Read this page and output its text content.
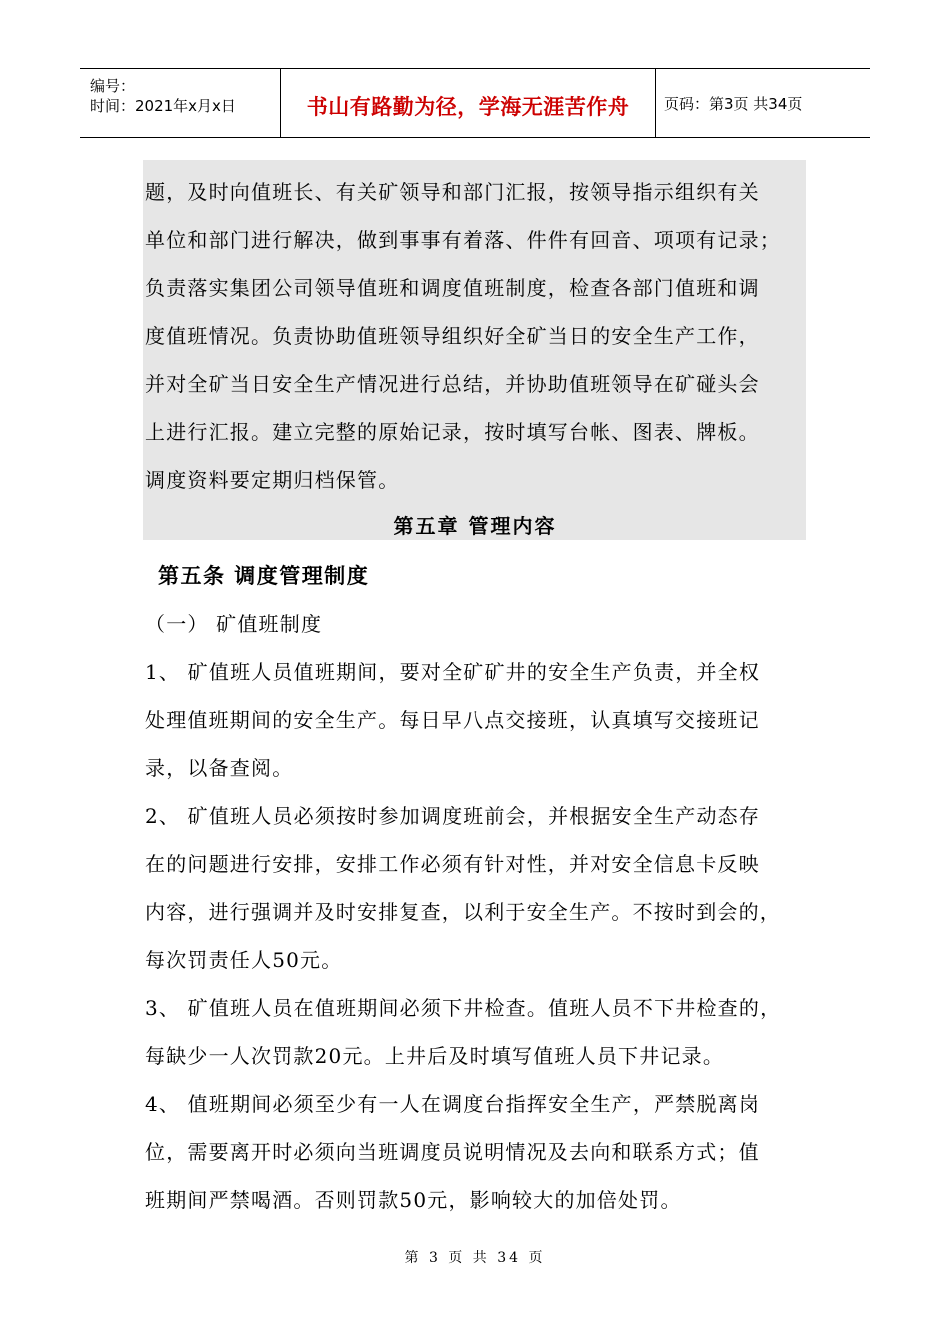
编号：
时间：2021年x月x日	书山有路勤为径，学海无涯苦作舟	页码：第3页 共34页
题，及时向值班长、有关矿领导和部门汇报，按领导指示组织有关
单位和部门进行解决，做到事事有着落、件件有回音、项项有记录；
负责落实集团公司领导值班和调度值班制度，检查各部门值班和调
度值班情况。负责协助值班领导组织好全矿当日的安全生产工作，
并对全矿当日安全生产情况进行总结，并协助值班领导在矿碰头会
上进行汇报。建立完整的原始记录，按时填写台帐、图表、牌板。
调度资料要定期归档保管。
第五章 管理内容
第五条 调度管理制度
（一） 矿值班制度
1、 矿值班人员值班期间，要对全矿矿井的安全生产负责，并全权
处理值班期间的安全生产。每日早八点交接班，认真填写交接班记
录，以备查阅。
2、 矿值班人员必须按时参加调度班前会，并根据安全生产动态存
在的问题进行安排，安排工作必须有针对性，并对安全信息卡反映
内容，进行强调并及时安排复查，以利于安全生产。不按时到会的，
每次罚责任人50元。
3、 矿值班人员在值班期间必须下井检查。值班人员不下井检查的，
每缺少一人次罚款20元。上井后及时填写值班人员下井记录。
4、 值班期间必须至少有一人在调度台指挥安全生产，严禁脱离岗
位，需要离开时必须向当班调度员说明情况及去向和联系方式；值
班期间严禁喝酒。否则罚款50元，影响较大的加倍处罚。
第 3 页 共 34 页
